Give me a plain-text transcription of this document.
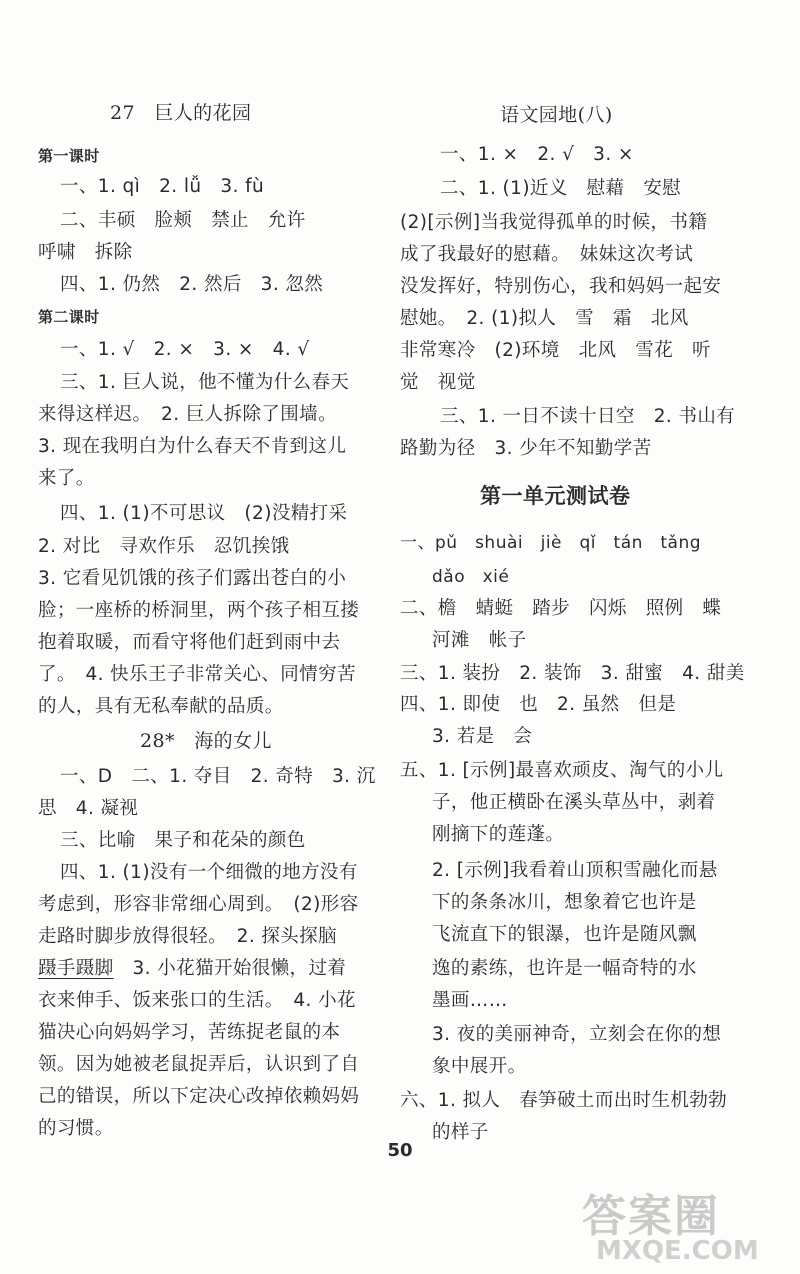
27　巨人的花园
第一课时
一、1. qì　2. lǚ　3. fù
二、丰硕　脸颊　禁止　允许
呼啸　拆除
四、1. 仍然　2. 然后　3. 忽然
第二课时
一、1. √　2. ×　3. ×　4. √
三、1. 巨人说，他不懂为什么春天
来得这样迟。　2. 巨人拆除了围墙。
3. 现在我明白为什么春天不肯到这儿
来了。
四、1. (1)不可思议　(2)没精打采
2. 对比　寻欢作乐　忍饥挨饿
3. 它看见饥饿的孩子们露出苍白的小
脸；一座桥的桥洞里，两个孩子相互搂
抱着取暖，而看守将他们赶到雨中去
了。　4. 快乐王子非常关心、同情穷苦
的人，具有无私奉献的品质。
28*　海的女儿
一、D　二、1. 夺目　2. 奇特　3. 沉
思　4. 凝视
三、比喻　果子和花朵的颜色
四、1. (1)没有一个细微的地方没有
考虑到，形容非常细心周到。　(2)形容
走路时脚步放得很轻。　2. 探头探脑
蹑手蹑脚　3. 小花猫开始很懒，过着
衣来伸手、饭来张口的生活。　4. 小花
猫决心向妈妈学习，苦练捉老鼠的本
领。因为她被老鼠捉弄后，认识到了自
己的错误，所以下定决心改掉依赖妈妈
的习惯。
语文园地(八)
一、1. ×　2. √　3. ×
二、1. (1)近义　慰藉　安慰
(2)[示例]当我觉得孤单的时候，书籍
成了我最好的慰藉。　妹妹这次考试
没发挥好，特别伤心，我和妈妈一起安
慰她。　2. (1)拟人　雪　霜　北风
非常寒冷　(2)环境　北风　雪花　听
觉　视觉
三、1. 一日不读十日空　2. 书山有
路勤为径　3. 少年不知勤学苦
第一单元测试卷
一、pǔ　shuài　jiè　qǐ　tán　tǎng
dǎo　xié
二、檐　蜻蜓　踏步　闪烁　照例　蝶
河滩　帐子
三、1. 装扮　2. 装饰　3. 甜蜜　4. 甜美
四、1. 即使　也　2. 虽然　但是
3. 若是　会
五、1. [示例]最喜欢顽皮、淘气的小儿
子，他正横卧在溪头草丛中，剥着
刚摘下的莲蓬。
2. [示例]我看着山顶积雪融化而悬
下的条条冰川，想象着它也许是
飞流直下的银瀑，也许是随风飘
逸的素练，也许是一幅奇特的水
墨画……
3. 夜的美丽神奇，立刻会在你的想
象中展开。
六、1. 拟人　春笋破土而出时生机勃勃
的样子
50
答案圈
MXQE.COM
